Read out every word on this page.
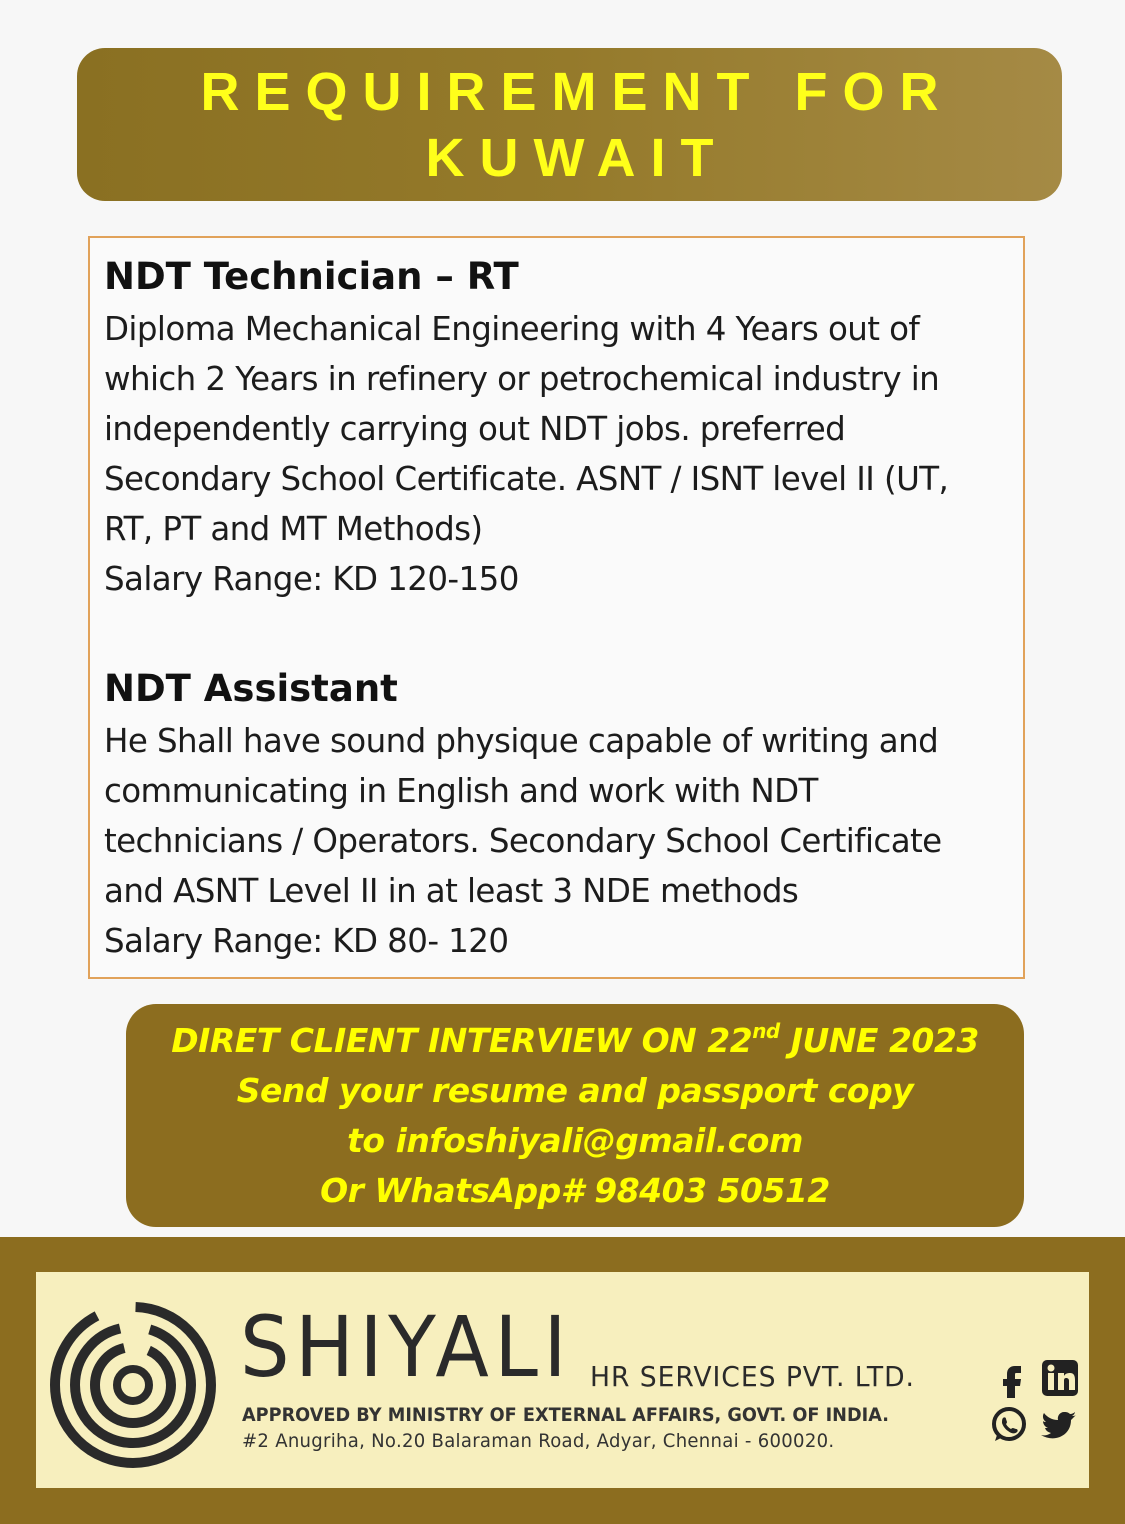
REQUIREMENT FOR
KUWAIT
NDT Technician – RT
Diploma Mechanical Engineering with 4 Years out of
which 2 Years in refinery or petrochemical industry in
independently carrying out NDT jobs. preferred
Secondary School Certificate. ASNT / ISNT level II (UT,
RT, PT and MT Methods)
Salary Range: KD 120-150
NDT Assistant
He Shall have sound physique capable of writing and
communicating in English and work with NDT
technicians / Operators. Secondary School Certificate
and ASNT Level II in at least 3 NDE methods
Salary Range: KD 80- 120
DIRET CLIENT INTERVIEW ON 22nd JUNE 2023
Send your resume and passport copy
to infoshiyali@gmail.com
Or WhatsApp# 98403 50512
SHIYALI HR SERVICES PVT. LTD.
APPROVED BY MINISTRY OF EXTERNAL AFFAIRS, GOVT. OF INDIA.
#2 Anugriha, No.20 Balaraman Road, Adyar, Chennai - 600020.
